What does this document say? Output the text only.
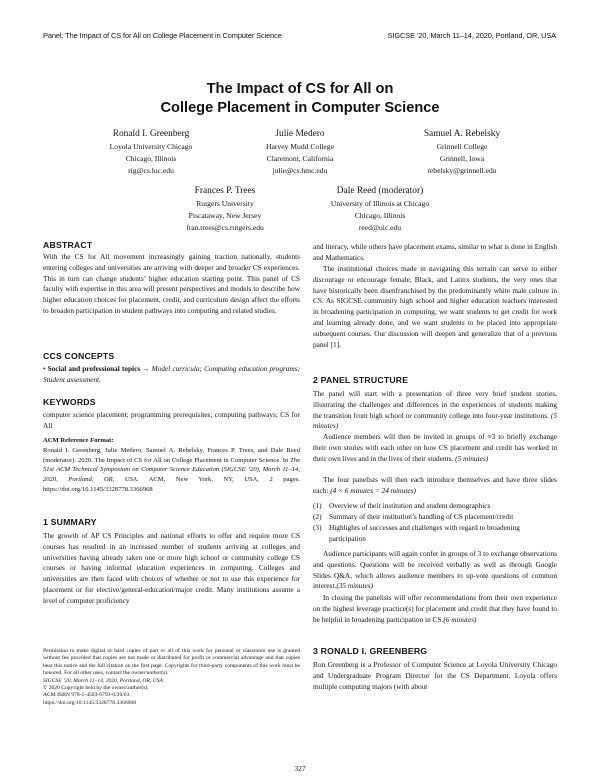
Panel: The Impact of CS for All on College Placement in Computer Science	SIGCSE ’20, March 11–14, 2020, Portland, OR, USA
The Impact of CS for All on
College Placement in Computer Science
Ronald I. Greenberg
Loyola University Chicago
Chicago, Illinois
rig@cs.luc.edu
Julie Medero
Harvey Mudd College
Claremont, California
julie@cs.hmc.edu
Samuel A. Rebelsky
Grinnell College
Grinnell, Iowa
rebelsky@grinnell.edu
Frances P. Trees
Rutgers University
Piscataway, New Jersey
fran.trees@cs.rutgers.edu
Dale Reed (moderator)
University of Illinois at Chicago
Chicago, Illinois
reed@uic.edu
ABSTRACT
With the CS for All movement increasingly gaining traction nationally, students entering colleges and universities are arriving with deeper and broader CS experiences. This in turn can change students’ higher education starting point. This panel of CS faculty with expertise in this area will present perspectives and models to describe how higher education choices for placement, credit, and curriculum design affect the efforts to broaden participation in student pathways into computing and related studies.
CCS CONCEPTS
• Social and professional topics → Model curricula; Computing education programs; Student assessment.
KEYWORDS
computer science placement; programming prerequisites; computing pathways; CS for All
ACM Reference Format:
Ronald I. Greenberg, Julie Medero, Samuel A. Rebelsky, Frances P. Trees, and Dale Reed (moderator). 2020. The Impact of CS for All on College Placement in Computer Science. In The 51st ACM Technical Symposium on Computer Science Education (SIGCSE ’20), March 11–14, 2020, Portland, OR, USA. ACM, New York, NY, USA, 2 pages. https://doi.org/10.1145/3328778.3366968
1 SUMMARY
The growth of AP CS Principles and national efforts to offer and require more CS courses has resulted in an increased number of students arriving at colleges and universities having already taken one or more high school or community college CS courses or having informal education experiences in computing. Colleges and universities are then faced with choices of whether or not to use this experience for placement or for elective/general-education/major credit. Many institutions assume a level of computer proficiency
Permission to make digital or hard copies of part or all of this work for personal or classroom use is granted without fee provided that copies are not made or distributed for profit or commercial advantage and that copies bear this notice and the full citation on the first page. Copyrights for third-party components of this work must be honored. For all other uses, contact the owner/author(s).
SIGCSE ’20, March 11–14, 2020, Portland, OR, USA
© 2020 Copyright held by the owner/author(s).
ACM ISBN 978-1-4503-6793-6/20/03.
https://doi.org/10.1145/3328778.3366968
and literacy, while others have placement exams, similar to what is done in English and Mathematics.
The institutional choices made in navigating this terrain can serve to either discourage or encourage female, Black, and Latinx students, the very ones that have historically been disenfranchised by the predominantly white male culture in CS. As SIGCSE community high school and higher education teachers interested in broadening participation in computing, we want students to get credit for work and learning already done, and we want students to be placed into appropriate subsequent courses. Our discussion will deepen and generalize that of a previous panel [1].
2 PANEL STRUCTURE
The panel will start with a presentation of three very brief student stories, illustrating the challenges and differences in the experiences of students making the transition from high school or community college into four-year institutions. (5 minutes)
Audience members will then be invited in groups of ≈3 to briefly exchange their own stories with each other on how CS placement and credit has worked in their own lives and in the lives of their students. (5 minutes)
The four panelists will then each introduce themselves and have three slides each: (4 × 6 minutes = 24 minutes)
(1) Overview of their institution and student demographics
(2) Summary of their institution’s handling of CS placement/credit
(3) Highlights of successes and challenges with regard to broadening participation
Audience participants will again confer in groups of 3 to exchange observations and questions. Questions will be received verbally as well as through Google Slides Q&A, which allows audience members to up-vote questions of common interest.(35 minutes)
In closing the panelists will offer recommendations from their own experience on the highest leverage practice(s) for placement and credit that they have found to be helpful in broadening participation in CS.(6 minutes)
3 RONALD I. GREENBERG
Ron Greenberg is a Professor of Computer Science at Loyola University Chicago and Undergraduate Program Director for the CS Department. Loyola offers multiple computing majors (with about
327
